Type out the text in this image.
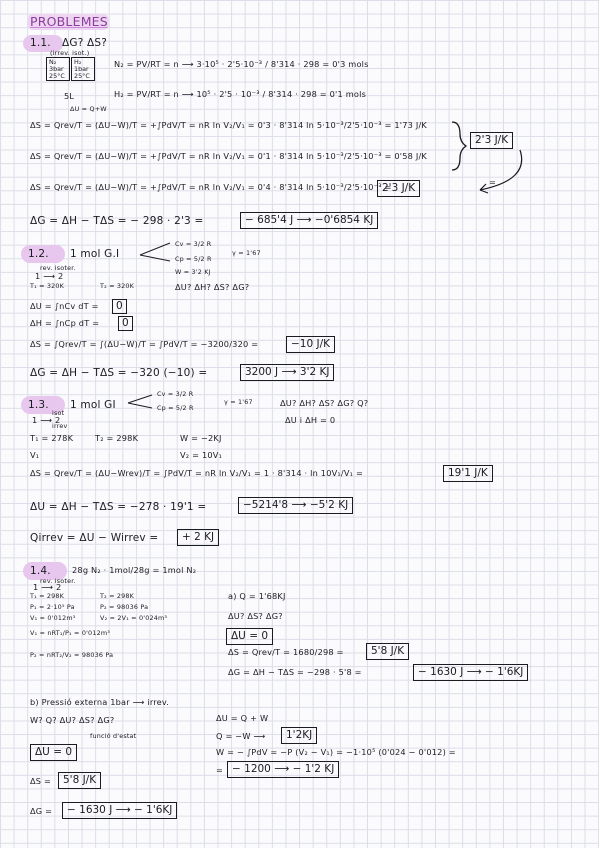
PROBLEMES
1.1. ΔG? ΔS?
(irrev. isot.)
N₂
3bar
25°C
H₂
1bar
25°C
N₂ = PV/RT = n ⟶ 3·10⁵ · 2'5·10⁻³ / 8'314 · 298 = 0'3 mols
5L	H₂ = PV/RT = n ⟶ 10⁵ · 2'5 · 10⁻³ / 8'314 · 298 = 0'1 mols
ΔU = Q+W
ΔS = Qrev/T = (ΔU−W)/T = +∫PdV/T = nR ln V₂/V₁ = 0'3 · 8'314 ln 5·10⁻³/2'5·10⁻³ = 1'73 J/K
ΔS = Qrev/T = (ΔU−W)/T = +∫PdV/T = nR ln V₂/V₁ = 0'1 · 8'314 ln 5·10⁻³/2'5·10⁻³ = 0'58 J/K
ΔS = Qrev/T = (ΔU−W)/T = +∫PdV/T = nR ln V₂/V₁ = 0'4 · 8'314 ln 5·10⁻³/2'5·10⁻³ =
2'3 J/K
2'3 J/K
=
ΔG = ΔH − TΔS = − 298 · 2'3 =	− 685'4 J ⟶ −0'6854 KJ
1.2. 1 mol G.I
Cv = 3/2 R
Cp = 5/2 R
γ = 1'67
W = 3'2 KJ
rev. isoter.
1 ⟶ 2
T₁ = 320K	T₂ = 320K	ΔU? ΔH? ΔS? ΔG?
ΔU = ∫nCv dT =	0
ΔH = ∫nCp dT =	0
ΔS = ∫Qrev/T = ∫(ΔU−W)/T = ∫PdV/T = −3200/320 =	−10 J/K
ΔG = ΔH − TΔS = −320 (−10) =	3200 J ⟶ 3'2 KJ
1.3. 1 mol GI
Cv = 3/2 R
Cp = 5/2 R
γ = 1'67	ΔU? ΔH? ΔS? ΔG? Q?
isot
1 ⟶ 2
irrev
ΔU i ΔH = 0
T₁ = 278K	T₂ = 298K	W = −2KJ
V₁	V₂ = 10V₁
ΔS = Qrev/T = (ΔU−Wrev)/T = ∫PdV/T = nR ln V₂/V₁ = 1 · 8'314 · ln 10V₁/V₁ =	19'1 J/K
ΔU = ΔH − TΔS = −278 · 19'1 =	−5214'8 ⟶ −5'2 KJ
Qirrev = ΔU − Wirrev =	+ 2 KJ
1.4.	28g N₂ · 1mol/28g = 1mol N₂
rev. isoter.
1 ⟶ 2
T₁ = 298K	T₂ = 298K
P₁ = 2·10⁵ Pa	P₂ = 98036 Pa
V₁ = 0'012m³	V₂ = 2V₁ = 0'024m³
V₁ = nRT₁/P₁ = 0'012m³
P₂ = nRT₂/V₂ = 98036 Pa
a) Q = 1'68KJ
ΔU? ΔS? ΔG?
ΔU = 0
ΔS = Qrev/T = 1680/298 =	5'8 J/K
ΔG = ΔH − TΔS = −298 · 5'8 =	− 1630 J ⟶ − 1'6KJ
b) Pressió externa 1bar ⟶ irrev.
W? Q? ΔU? ΔS? ΔG?
funció d'estat
ΔU = 0
ΔS =	5'8 J/K
ΔG =	− 1630 J ⟶ − 1'6KJ
ΔU = Q + W
Q = −W ⟶	1'2KJ
W = − ∫PdV = −P (V₂ − V₁) = −1·10⁵ (0'024 − 0'012) =
= − 1200 ⟶ − 1'2 KJ
